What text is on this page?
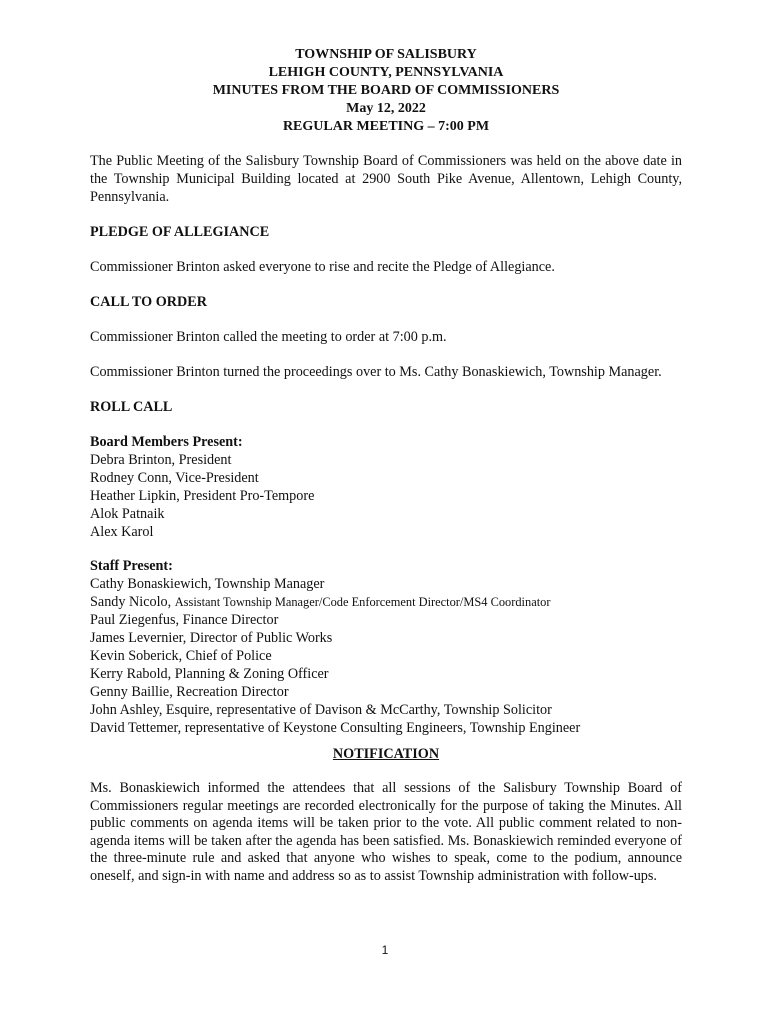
TOWNSHIP OF SALISBURY
LEHIGH COUNTY, PENNSYLVANIA
MINUTES FROM THE BOARD OF COMMISSIONERS
May 12, 2022
REGULAR MEETING – 7:00 PM

The Public Meeting of the Salisbury Township Board of Commissioners was held on the above date in the Township Municipal Building located at 2900 South Pike Avenue, Allentown, Lehigh County, Pennsylvania.

PLEDGE OF ALLEGIANCE

Commissioner Brinton asked everyone to rise and recite the Pledge of Allegiance.

CALL TO ORDER

Commissioner Brinton called the meeting to order at 7:00 p.m.

Commissioner Brinton turned the proceedings over to Ms. Cathy Bonaskiewich, Township Manager.

ROLL CALL
Board Members Present:
Debra Brinton, President
Rodney Conn, Vice-President
Heather Lipkin, President Pro-Tempore
Alok Patnaik
Alex Karol
Staff Present:
Cathy Bonaskiewich, Township Manager
Sandy Nicolo, Assistant Township Manager/Code Enforcement Director/MS4 Coordinator
Paul Ziegenfus, Finance Director
James Levernier, Director of Public Works
Kevin Soberick, Chief of Police
Kerry Rabold, Planning & Zoning Officer
Genny Baillie, Recreation Director
John Ashley, Esquire, representative of Davison & McCarthy, Township Solicitor
David Tettemer, representative of Keystone Consulting Engineers, Township Engineer
NOTIFICATION

Ms. Bonaskiewich informed the attendees that all sessions of the Salisbury Township Board of Commissioners regular meetings are recorded electronically for the purpose of taking the Minutes. All public comments on agenda items will be taken prior to the vote. All public comment related to non-agenda items will be taken after the agenda has been satisfied. Ms. Bonaskiewich reminded everyone of the three-minute rule and asked that anyone who wishes to speak, come to the podium, announce oneself, and sign-in with name and address so as to assist Township administration with follow-ups.

1
